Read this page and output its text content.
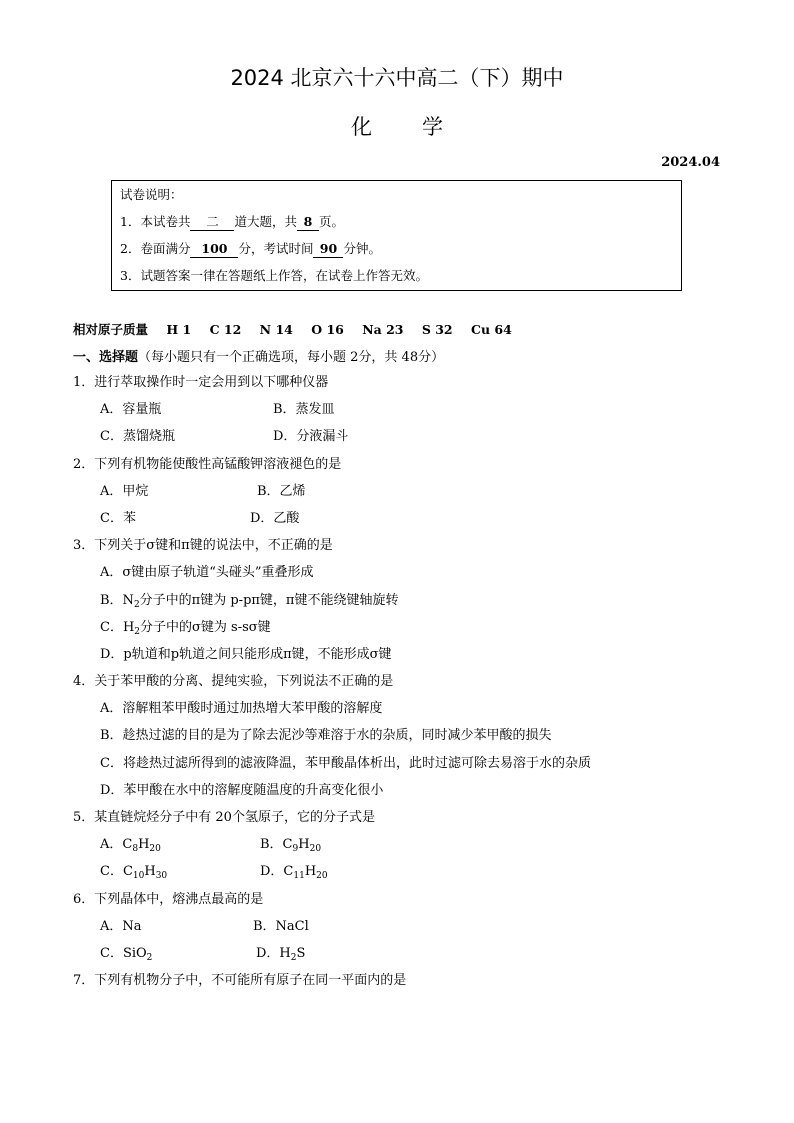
2024 北京六十六中高二（下）期中
化学
2024.04
试卷说明：
1．本试卷共 二 道大题，共 8 页。
2．卷面满分 100 分，考试时间 90 分钟。
3．试题答案一律在答题纸上作答，在试卷上作答无效。
相对原子质量 H 1 C 12 N 14 O 16 Na 23 S 32 Cu 64
一、选择题（每小题只有一个正确选项，每小题 2分，共 48分）
1．进行萃取操作时一定会用到以下哪种仪器
A．容量瓶	B．蒸发皿
C．蒸馏烧瓶	D．分液漏斗
2．下列有机物能使酸性高锰酸钾溶液褪色的是
A．甲烷	B．乙烯
C．苯	D．乙酸
3．下列关于σ键和π键的说法中，不正确的是
A．σ键由原子轨道“头碰头”重叠形成
B．$N_2$分子中的π键为 p-pπ键，π键不能绕键轴旋转
C．$H_2$分子中的σ键为 s-sσ键
D．p轨道和p轨道之间只能形成π键，不能形成σ键
4．关于苯甲酸的分离、提纯实验，下列说法不正确的是
A．溶解粗苯甲酸时通过加热增大苯甲酸的溶解度
B．趁热过滤的目的是为了除去泥沙等难溶于水的杂质，同时减少苯甲酸的损失
C．将趁热过滤所得到的滤液降温，苯甲酸晶体析出，此时过滤可除去易溶于水的杂质
D．苯甲酸在水中的溶解度随温度的升高变化很小
5．某直链烷烃分子中有 20个氢原子，它的分子式是
A．$C_8H_{20}$	B．$C_9H_{20}$
C．$C_{10}H_{30}$	D．$C_{11}H_{20}$
6．下列晶体中，熔沸点最高的是
A．Na	B．NaCl
C．SiO$_2$	D．$H_2S$
7．下列有机物分子中，不可能所有原子在同一平面内的是
